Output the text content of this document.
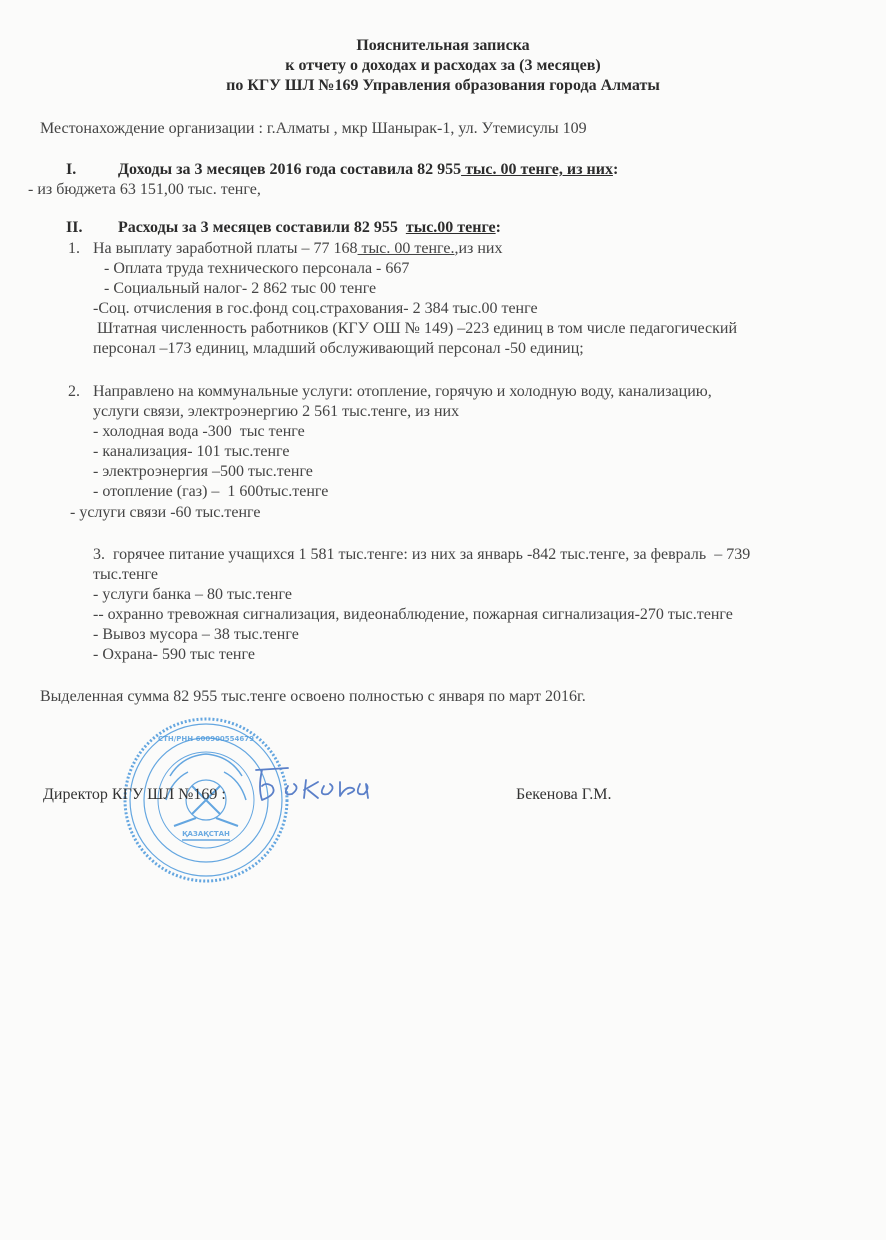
Пояснительная записка
к отчету о доходах и расходах за (3 месяцев)
по КГУ ШЛ №169 Управления образования города Алматы
Местонахождение организации : г.Алматы , мкр Шанырак-1, ул. Утемисулы 109
I.	Доходы за 3 месяцев 2016 года составила 82 955 тыс. 00 тенге, из них:
- из бюджета 63 151,00 тыс. тенге,
II. Расходы за 3 месяцев составили 82 955  тыс.00 тенге:
1. На выплату заработной платы – 77 168 тыс. 00 тенге.,из них
- Оплата труда технического персонала - 667
- Социальный налог- 2 862 тыс 00 тенге
-Соц. отчисления в гос.фонд соц.страхования- 2 384 тыс.00 тенге
Штатная численность работников (КГУ ОШ № 149) –223 единиц в том числе педагогический
персонал –173 единиц, младший обслуживающий персонал -50 единиц;
2. Направлено на коммунальные услуги: отопление, горячую и холодную воду, канализацию,
услуги связи, электроэнергию 2 561 тыс.тенге, из них
- холодная вода -300  тыс тенге
- канализация- 101 тыс.тенге
- электроэнергия –500 тыс.тенге
- отопление (газ) –  1 600тыс.тенге
- услуги связи -60 тыс.тенге
3.  горячее питание учащихся 1 581 тыс.тенге: из них за январь -842 тыс.тенге, за февраль  – 739
тыс.тенге
- услуги банка – 80 тыс.тенге
-- охранно тревожная сигнализация, видеонаблюдение, пожарная сигнализация-270 тыс.тенге
- Вывоз мусора – 38 тыс.тенге
- Охрана- 590 тыс тенге
Выделенная сумма 82 955 тыс.тенге освоено полностью с января по март 2016г.
ҚАЗАҚСТАН
СТН/РНН 600900554679
Директор КГУ ШЛ №169 :	Бекенова Г.М.
